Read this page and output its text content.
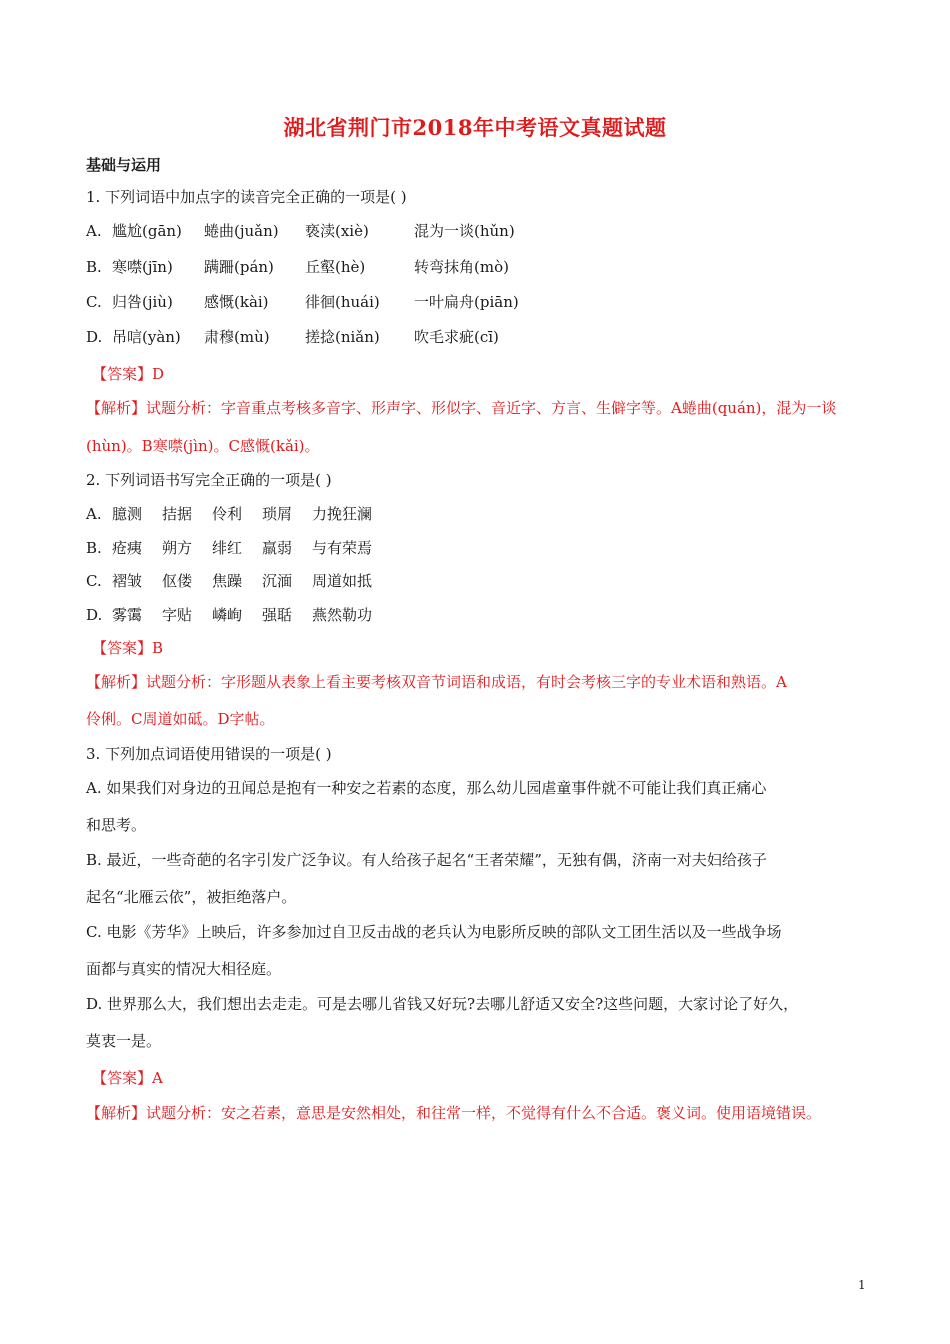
湖北省荆门市2018年中考语文真题试题
基础与运用
1. 下列词语中加点字的读音完全正确的一项是( )
A. 尴尬(gān) 蜷曲(juǎn) 亵渎(xiè)	混为一谈(hǔn)
B. 寒噤(jīn) 蹒跚(pán) 丘壑(hè)	转弯抹角(mò)
C. 归咎(jiù) 感慨(kài) 徘徊(huái) 一叶扁舟(piān)
D. 吊唁(yàn) 肃穆(mù) 搓捻(niǎn) 吹毛求疵(cī)
【答案】D
【解析】试题分析：字音重点考核多音字、形声字、形似字、音近字、方言、生僻字等。A蜷曲(quán)，混为一谈
(hùn)。B寒噤(jìn)。C感慨(kǎi)。
2. 下列词语书写完全正确的一项是( )
A. 臆测 拮据 伶利 琐屑 力挽狂澜
B. 疮痍 朔方 绯红 羸弱 与有荣焉
C. 褶皱 伛偻 焦躁 沉湎 周道如抵
D. 雾霭 字贴 嶙峋 强聒 燕然勒功
【答案】B
【解析】试题分析：字形题从表象上看主要考核双音节词语和成语，有时会考核三字的专业术语和熟语。A
伶俐。C周道如砥。D字帖。
3. 下列加点词语使用错误的一项是( )
A. 如果我们对身边的丑闻总是抱有一种安之若素的态度，那么幼儿园虐童事件就不可能让我们真正痛心
和思考。
B. 最近，一些奇葩的名字引发广泛争议。有人给孩子起名“王者荣耀”，无独有偶，济南一对夫妇给孩子
起名“北雁云依”，被拒绝落户。
C. 电影《芳华》上映后，许多参加过自卫反击战的老兵认为电影所反映的部队文工团生活以及一些战争场
面都与真实的情况大相径庭。
D. 世界那么大，我们想出去走走。可是去哪儿省钱又好玩?去哪儿舒适又安全?这些问题，大家讨论了好久，
莫衷一是。
【答案】A
【解析】试题分析：安之若素，意思是安然相处，和往常一样，不觉得有什么不合适。褒义词。使用语境错误。
1
